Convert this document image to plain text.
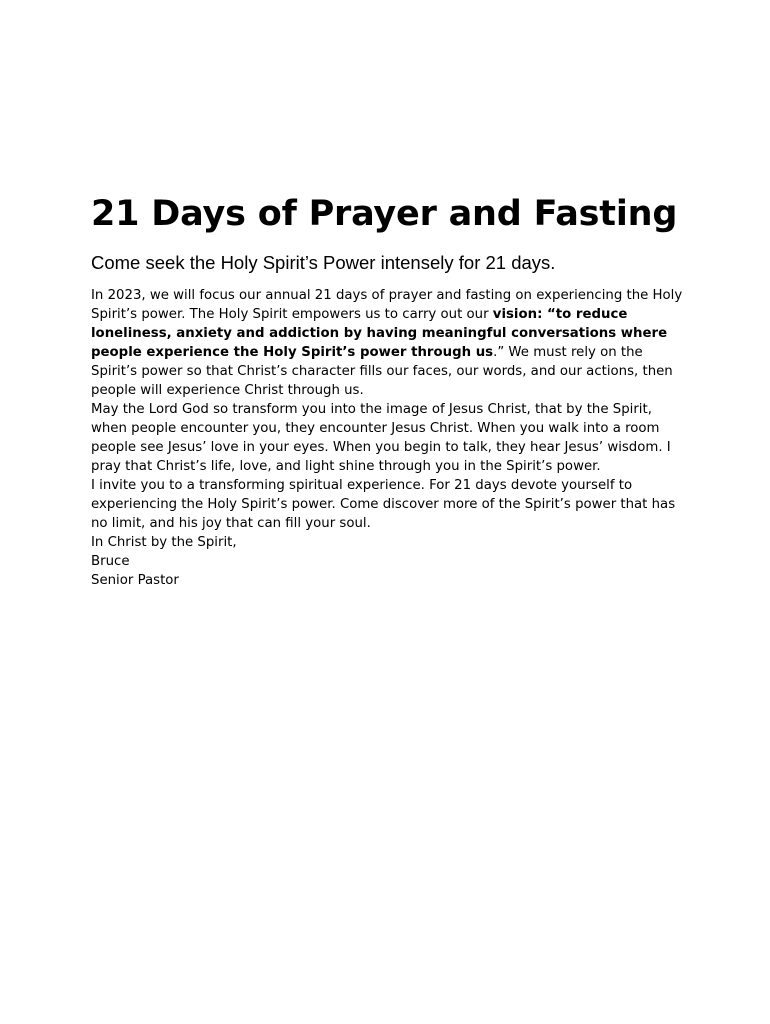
21 Days of Prayer and Fasting
Come seek the Holy Spirit’s Power intensely for 21 days.

In 2023, we will focus our annual 21 days of prayer and fasting on experiencing the Holy Spirit’s power. The Holy Spirit empowers us to carry out our vision: “to reduce loneliness, anxiety and addiction by having meaningful conversations where people experience the Holy Spirit’s power through us.” We must rely on the Spirit’s power so that Christ’s character fills our faces, our words, and our actions, then people will experience Christ through us.

May the Lord God so transform you into the image of Jesus Christ, that by the Spirit, when people encounter you, they encounter Jesus Christ. When you walk into a room people see Jesus’ love in your eyes. When you begin to talk, they hear Jesus’ wisdom. I pray that Christ’s life, love, and light shine through you in the Spirit’s power.

I invite you to a transforming spiritual experience. For 21 days devote yourself to experiencing the Holy Spirit’s power. Come discover more of the Spirit’s power that has no limit, and his joy that can fill your soul.

In Christ by the Spirit,

Bruce

Senior Pastor
